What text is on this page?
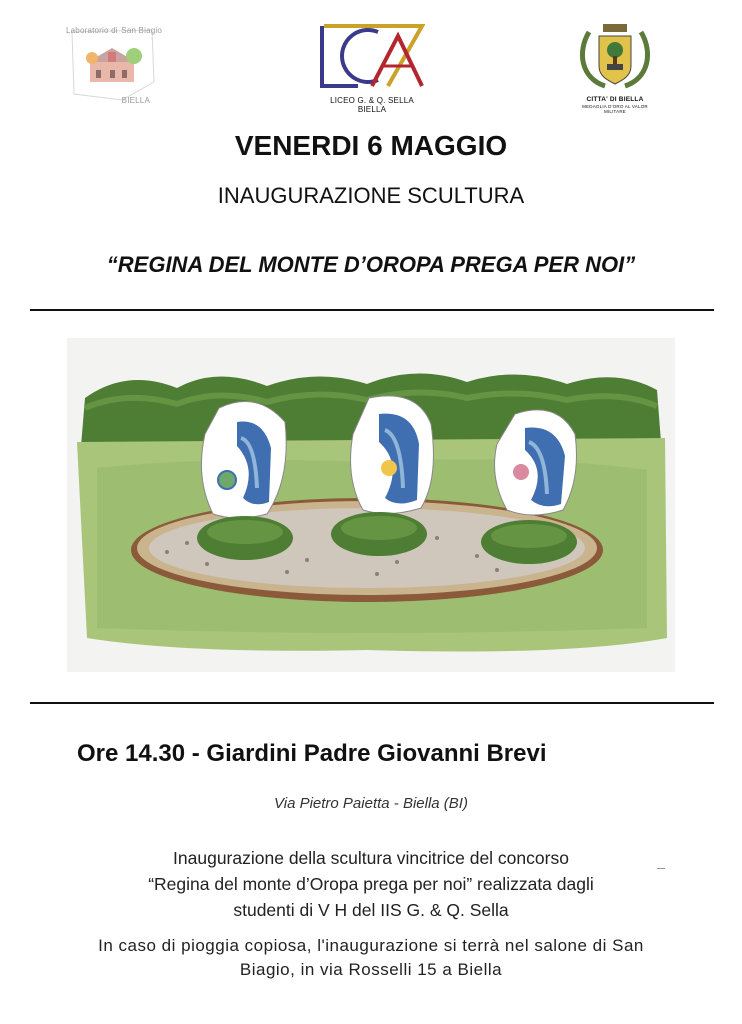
Laboratorio di San Biagio
BIELLA	LICEO G. & Q. SELLA BIELLA
CITTA' DI BIELLA
MEDAGLIA D'ORO AL VALOR MILITARE
VENERDI 6 MAGGIO
INAUGURAZIONE SCULTURA
“REGINA DEL MONTE D’OROPA PREGA PER NOI”
Ore 14.30 - Giardini Padre Giovanni Brevi
Via Pietro Paietta - Biella (BI)
Inaugurazione della scultura vincitrice del concorso
“Regina del monte d’Oropa prega per noi” realizzata dagli
studenti di V H del IIS G. & Q. Sella
In caso di pioggia copiosa, l'inaugurazione si terrà nel salone di San
Biagio, in via Rosselli 15 a Biella
